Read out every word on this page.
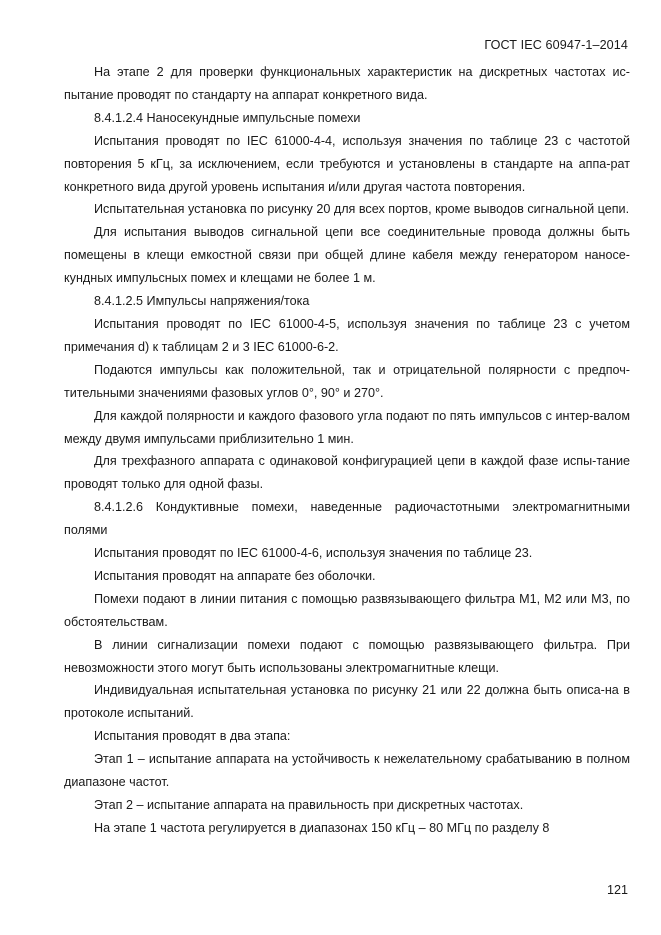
ГОСТ IEC 60947-1–2014

На этапе 2 для проверки функциональных характеристик на дискретных частотах ис-пытание проводят по стандарту на аппарат конкретного вида.

8.4.1.2.4 Наносекундные импульсные помехи

Испытания проводят по IEC 61000-4-4, используя значения по таблице 23 с частотой повторения 5 кГц, за исключением, если требуются и установлены в стандарте на аппа-рат конкретного вида другой уровень испытания и/или другая частота повторения.

Испытательная установка по рисунку 20 для всех портов, кроме выводов сигнальной цепи.

Для испытания выводов сигнальной цепи все соединительные провода должны быть помещены в клещи емкостной связи при общей длине кабеля между генератором наносе-кундных импульсных помех и клещами не более 1 м.

8.4.1.2.5 Импульсы напряжения/тока

Испытания проводят по IEC 61000-4-5, используя значения по таблице 23 с учетом примечания d) к таблицам 2 и 3 IEC 61000-6-2.

Подаются импульсы как положительной, так и отрицательной полярности с предпоч-тительными значениями фазовых углов 0°, 90° и 270°.

Для каждой полярности и каждого фазового угла подают по пять импульсов с интер-валом между двумя импульсами приблизительно 1 мин.

Для трехфазного аппарата с одинаковой конфигурацией цепи в каждой фазе испы-тание проводят только для одной фазы.

8.4.1.2.6 Кондуктивные помехи, наведенные радиочастотными электромагнитными полями

Испытания проводят по IEC 61000-4-6, используя значения по таблице 23.

Испытания проводят на аппарате без оболочки.

Помехи подают в линии питания с помощью развязывающего фильтра М1, М2 или М3, по обстоятельствам.

В линии сигнализации помехи подают с помощью развязывающего фильтра. При невозможности этого могут быть использованы электромагнитные клещи.

Индивидуальная испытательная установка по рисунку 21 или 22 должна быть описа-на в протоколе испытаний.

Испытания проводят в два этапа:

Этап 1 – испытание аппарата на устойчивость к нежелательному срабатыванию в полном диапазоне частот.

Этап 2 – испытание аппарата на правильность при дискретных частотах.

На этапе 1 частота регулируется в диапазонах 150 кГц – 80 МГц по разделу 8

121
